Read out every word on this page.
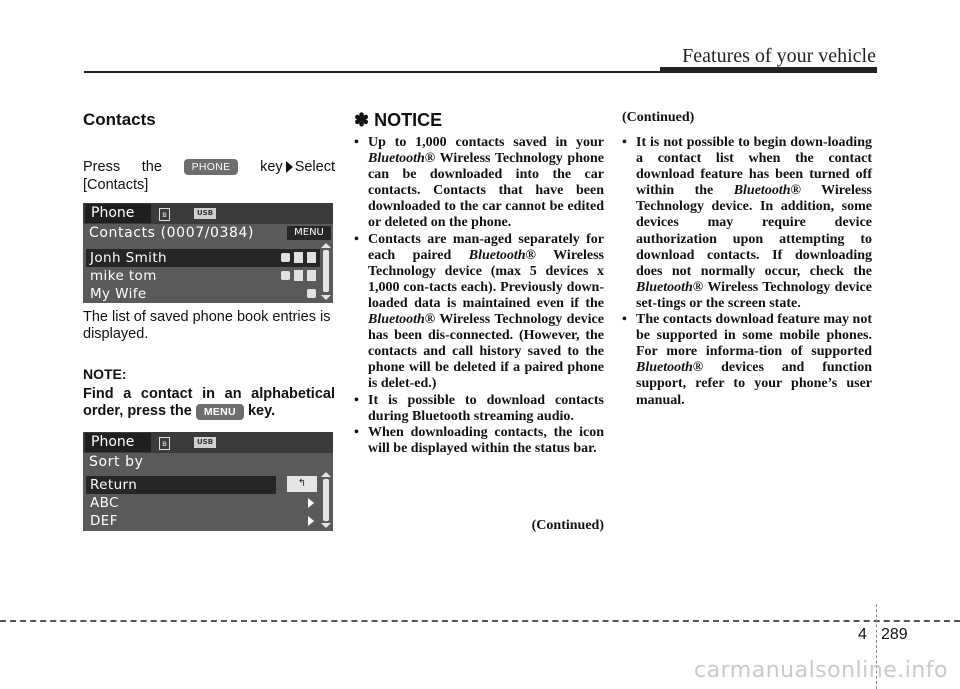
Features of your vehicle
Contacts
Press the	PHONE	key Select
[Contacts]
Phone	ʙ	USB
Contacts (0007/0384)	MENU
Jonh Smith
mike tom
My Wife
The list of saved phone book entries is displayed.
NOTE:
Find a contact in an alphabetical
order, press the MENU key.
Phone	ʙ	USB
Sort by
Return	↰
ABC
DEF
✽ NOTICE
• Up to 1,000 contacts saved in your Bluetooth® Wireless Technology phone can be downloaded into the car contacts. Contacts that have been downloaded to the car cannot be edited or deleted on the phone.
• Contacts are man-aged separately for each paired Bluetooth® Wireless Technology device (max 5 devices x 1,000 con-tacts each). Previously down-loaded data is maintained even if the Bluetooth® Wireless Technology device has been dis-connected. (However, the contacts and call history saved to the phone will be deleted if a paired phone is delet-ed.)
• It is possible to download contacts during Bluetooth streaming audio.
• When downloading contacts, the icon will be displayed within the status bar.
(Continued)
(Continued)
• It is not possible to begin down-loading a contact list when the contact download feature has been turned off within the Bluetooth® Wireless Technology device. In addition, some devices may require device authorization upon attempting to download contacts. If downloading does not normally occur, check the Bluetooth® Wireless Technology device set-tings or the screen state.
• The contacts download feature may not be supported in some mobile phones. For more informa-tion of supported Bluetooth® devices and function support, refer to your phone’s user manual.
4 289
carmanualsonline.info
